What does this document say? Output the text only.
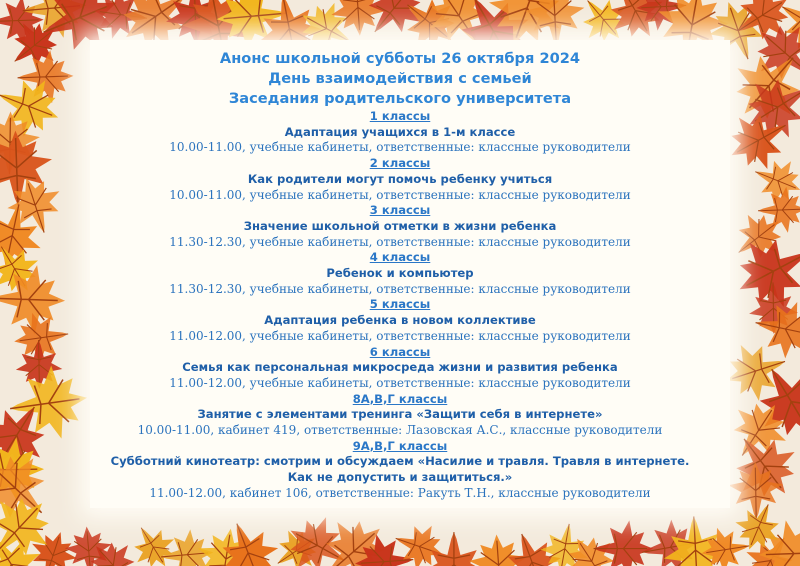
Анонс школьной субботы 26 октября 2024
День взаимодействия с семьей
Заседания родительского университета
1 классы
Адаптация учащихся в 1-м классе
10.00-11.00, учебные кабинеты, ответственные: классные руководители
2 классы
Как родители могут помочь ребенку учиться
10.00-11.00, учебные кабинеты, ответственные: классные руководители
3 классы
Значение школьной отметки в жизни ребенка
11.30-12.30, учебные кабинеты, ответственные: классные руководители
4 классы
Ребенок и компьютер
11.30-12.30, учебные кабинеты, ответственные: классные руководители
5 классы
Адаптация ребенка в новом коллективе
11.00-12.00, учебные кабинеты, ответственные: классные руководители
6 классы
Семья как персональная микросреда жизни и развития ребенка
11.00-12.00, учебные кабинеты, ответственные: классные руководители
8А,В,Г классы
Занятие с элементами тренинга «Защити себя в интернете»
10.00-11.00, кабинет 419, ответственные: Лазовская А.С., классные руководители
9А,В,Г классы
Субботний кинотеатр: смотрим и обсуждаем «Насилие и травля. Травля в интернете.
Как не допустить и защититься.»
11.00-12.00, кабинет 106, ответственные: Ракуть Т.Н., классные руководители
